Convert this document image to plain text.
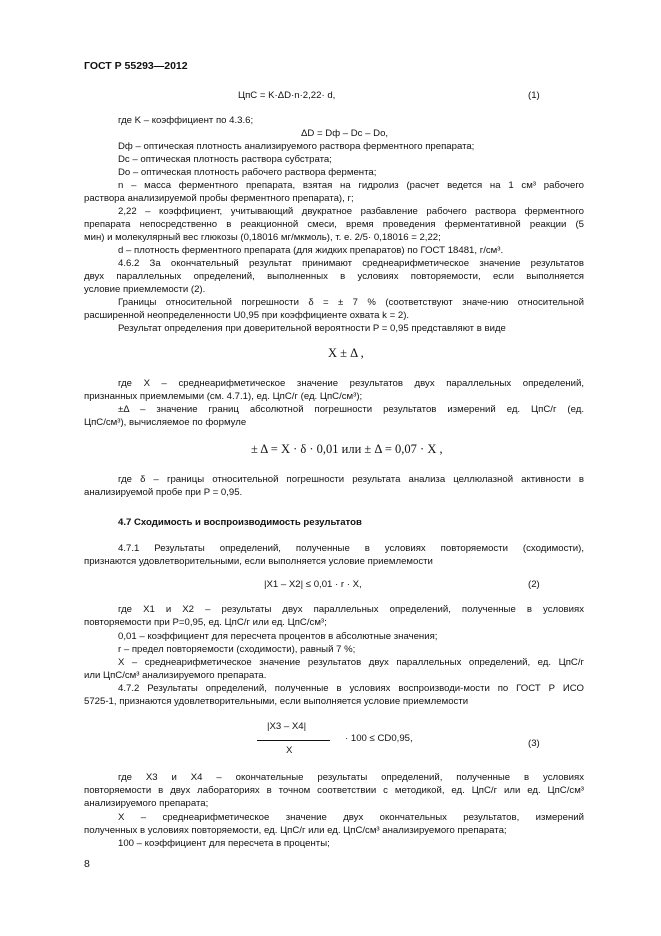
ГОСТ Р 55293—2012
ЦпС = K·ΔD·n·2,22· d,	(1)
где K – коэффициент по 4.3.6;
ΔD = Dф – Dс – Dо,
Dф – оптическая плотность анализируемого раствора ферментного препарата;
Dс – оптическая плотность раствора субстрата;
Dо – оптическая плотность рабочего раствора фермента;
n – масса ферментного препарата, взятая на гидролиз (расчет ведется на 1 см³ рабочего
раствора анализируемой пробы ферментного препарата), г;
2,22 – коэффициент, учитывающий двукратное разбавление рабочего раствора ферментного
препарата непосредственно в реакционной смеси, время проведения ферментативной реакции (5
мин) и молекулярный вес глюкозы (0,18016 мг/мкмоль), т. е. 2/5· 0,18016 = 2,22;
d – плотность ферментного препарата (для жидких препаратов) по ГОСТ 18481, г/см³.
4.6.2 За окончательный результат принимают среднеарифметическое значение результатов
двух параллельных определений, выполненных в условиях повторяемости, если выполняется
условие приемлемости (2).
Границы относительной погрешности δ = ± 7 % (соответствуют значе-нию относительной
расширенной неопределенности U0,95 при коэффициенте охвата k = 2).
Результат определения при доверительной вероятности P = 0,95 представляют в виде
X ± Δ ,
где X – среднеарифметическое значение результатов двух параллельных определений,
признанных приемлемыми (см. 4.7.1), ед. ЦпС/г (ед. ЦпС/см³);
±Δ – значение границ абсолютной погрешности результатов измерений ед. ЦпС/г (ед.
ЦпС/см³), вычисляемое по формуле
± Δ = X · δ · 0,01 или ± Δ = 0,07 · X ,
где δ – границы относительной погрешности результата анализа целлюлазной активности в
анализируемой пробе при P = 0,95.
4.7 Сходимость и воспроизводимость результатов
4.7.1 Результаты определений, полученные в условиях повторяемости (сходимости),
признаются удовлетворительными, если выполняется условие приемлемости
|X1 – X2| ≤ 0,01 · r · X,	(2)
где X1 и X2 – результаты двух параллельных определений, полученные в условиях
повторяемости при P=0,95, ед. ЦпС/г или ед. ЦпС/см³;
0,01 – коэффициент для пересчета процентов в абсолютные значения;
r – предел повторяемости (сходимости), равный 7 %;
X – среднеарифметическое значение результатов двух параллельных определений, ед. ЦпС/г
или ЦпС/см³ анализируемого препарата.
4.7.2 Результаты определений, полученные в условиях воспроизводи-мости по ГОСТ Р ИСО
5725-1, признаются удовлетворительными, если выполняется условие приемлемости
|X3 – X4|
X
· 100 ≤ CD0,95,	(3)
где X3 и X4 – окончательные результаты определений, полученные в условиях
повторяемости в двух лабораториях в точном соответствии с методикой, ед. ЦпС/г или ед. ЦпС/см³
анализируемого препарата;
X – среднеарифметическое значение двух окончательных результатов, измерений
полученных в условиях повторяемости, ед. ЦпС/г или ед. ЦпС/см³ анализируемого препарата;
100 – коэффициент для пересчета в проценты;
8
